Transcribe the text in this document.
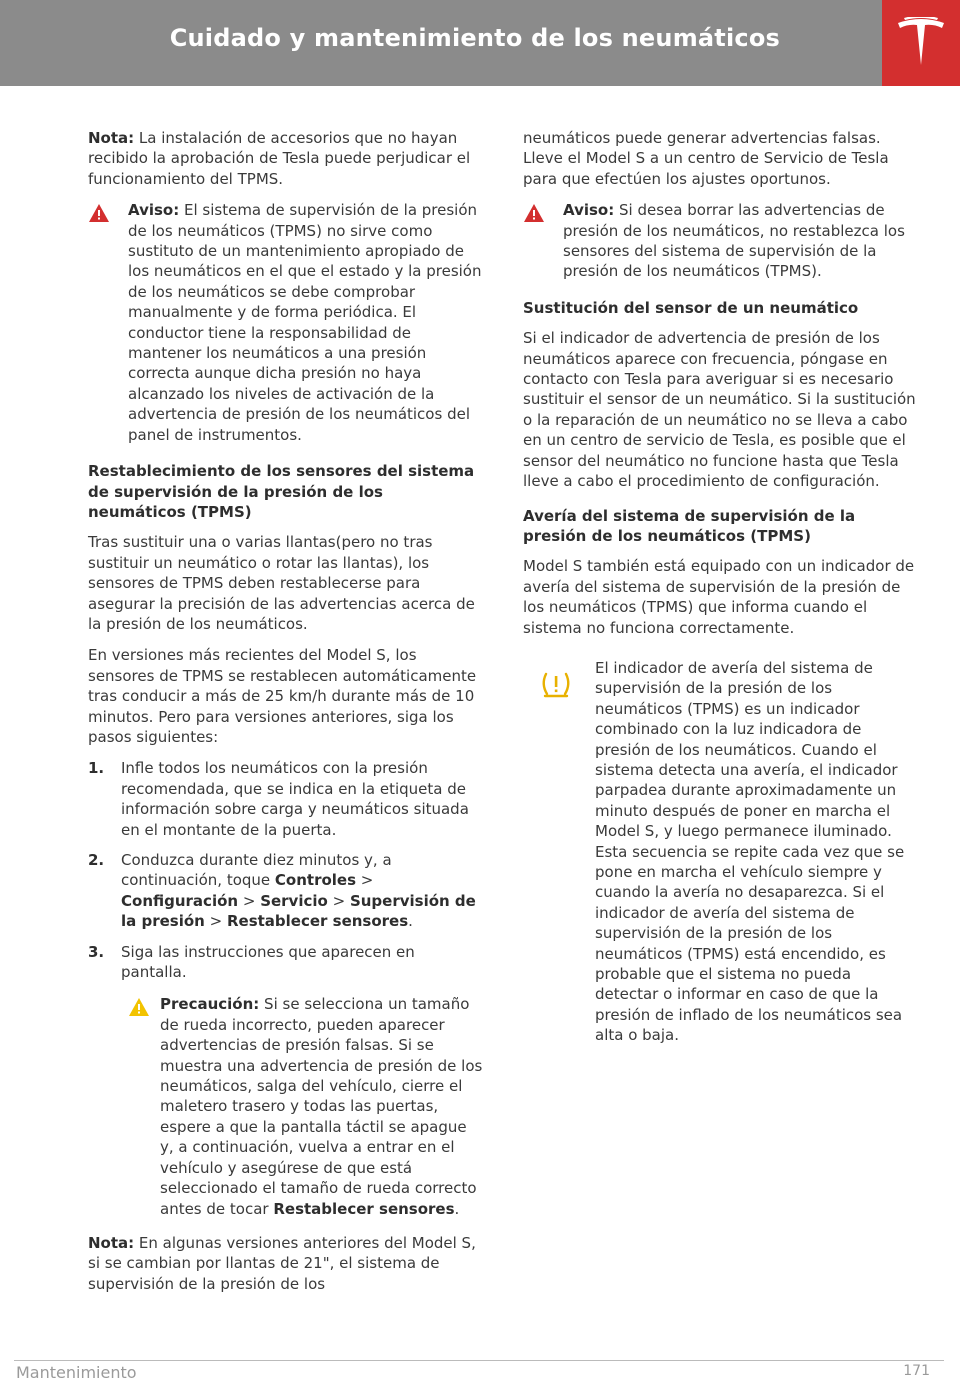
Cuidado y mantenimiento de los neumáticos

Nota: La instalación de accesorios que no hayan recibido la aprobación de Tesla puede perjudicar el funcionamiento del TPMS.

Aviso: El sistema de supervisión de la presión de los neumáticos (TPMS) no sirve como sustituto de un mantenimiento apropiado de los neumáticos en el que el estado y la presión de los neumáticos se debe comprobar manualmente y de forma periódica. El conductor tiene la responsabilidad de mantener los neumáticos a una presión correcta aunque dicha presión no haya alcanzado los niveles de activación de la advertencia de presión de los neumáticos del panel de instrumentos.
Restablecimiento de los sensores del sistema de supervisión de la presión de los neumáticos (TPMS)

Tras sustituir una o varias llantas(pero no tras sustituir un neumático o rotar las llantas), los sensores de TPMS deben restablecerse para asegurar la precisión de las advertencias acerca de la presión de los neumáticos.

En versiones más recientes del Model S, los sensores de TPMS se restablecen automáticamente tras conducir a más de 25 km/h durante más de 10 minutos. Pero para versiones anteriores, siga los pasos siguientes:

1. Infle todos los neumáticos con la presión recomendada, que se indica en la etiqueta de información sobre carga y neumáticos situada en el montante de la puerta.
2. Conduzca durante diez minutos y, a continuación, toque Controles > Configuración > Servicio > Supervisión de la presión > Restablecer sensores.
3. Siga las instrucciones que aparecen en pantalla.
Precaución: Si se selecciona un tamaño de rueda incorrecto, pueden aparecer advertencias de presión falsas. Si se muestra una advertencia de presión de los neumáticos, salga del vehículo, cierre el maletero trasero y todas las puertas, espere a que la pantalla táctil se apague y, a continuación, vuelva a entrar en el vehículo y asegúrese de que está seleccionado el tamaño de rueda correcto antes de tocar Restablecer sensores.

Nota: En algunas versiones anteriores del Model S, si se cambian por llantas de 21", el sistema de supervisión de la presión de los

neumáticos puede generar advertencias falsas. Lleve el Model S a un centro de Servicio de Tesla para que efectúen los ajustes oportunos.

Aviso: Si desea borrar las advertencias de presión de los neumáticos, no restablezca los sensores del sistema de supervisión de la presión de los neumáticos (TPMS).
Sustitución del sensor de un neumático

Si el indicador de advertencia de presión de los neumáticos aparece con frecuencia, póngase en contacto con Tesla para averiguar si es necesario sustituir el sensor de un neumático. Si la sustitución o la reparación de un neumático no se lleva a cabo en un centro de servicio de Tesla, es posible que el sensor del neumático no funcione hasta que Tesla lleve a cabo el procedimiento de configuración.

Avería del sistema de supervisión de la presión de los neumáticos (TPMS)

Model S también está equipado con un indicador de avería del sistema de supervisión de la presión de los neumáticos (TPMS) que informa cuando el sistema no funciona correctamente.

El indicador de avería del sistema de supervisión de la presión de los neumáticos (TPMS) es un indicador combinado con la luz indicadora de presión de los neumáticos. Cuando el sistema detecta una avería, el indicador parpadea durante aproximadamente un minuto después de poner en marcha el Model S, y luego permanece iluminado. Esta secuencia se repite cada vez que se pone en marcha el vehículo siempre y cuando la avería no desaparezca. Si el indicador de avería del sistema de supervisión de la presión de los neumáticos (TPMS) está encendido, es probable que el sistema no pueda detectar o informar en caso de que la presión de inflado de los neumáticos sea alta o baja.
Mantenimiento	171
